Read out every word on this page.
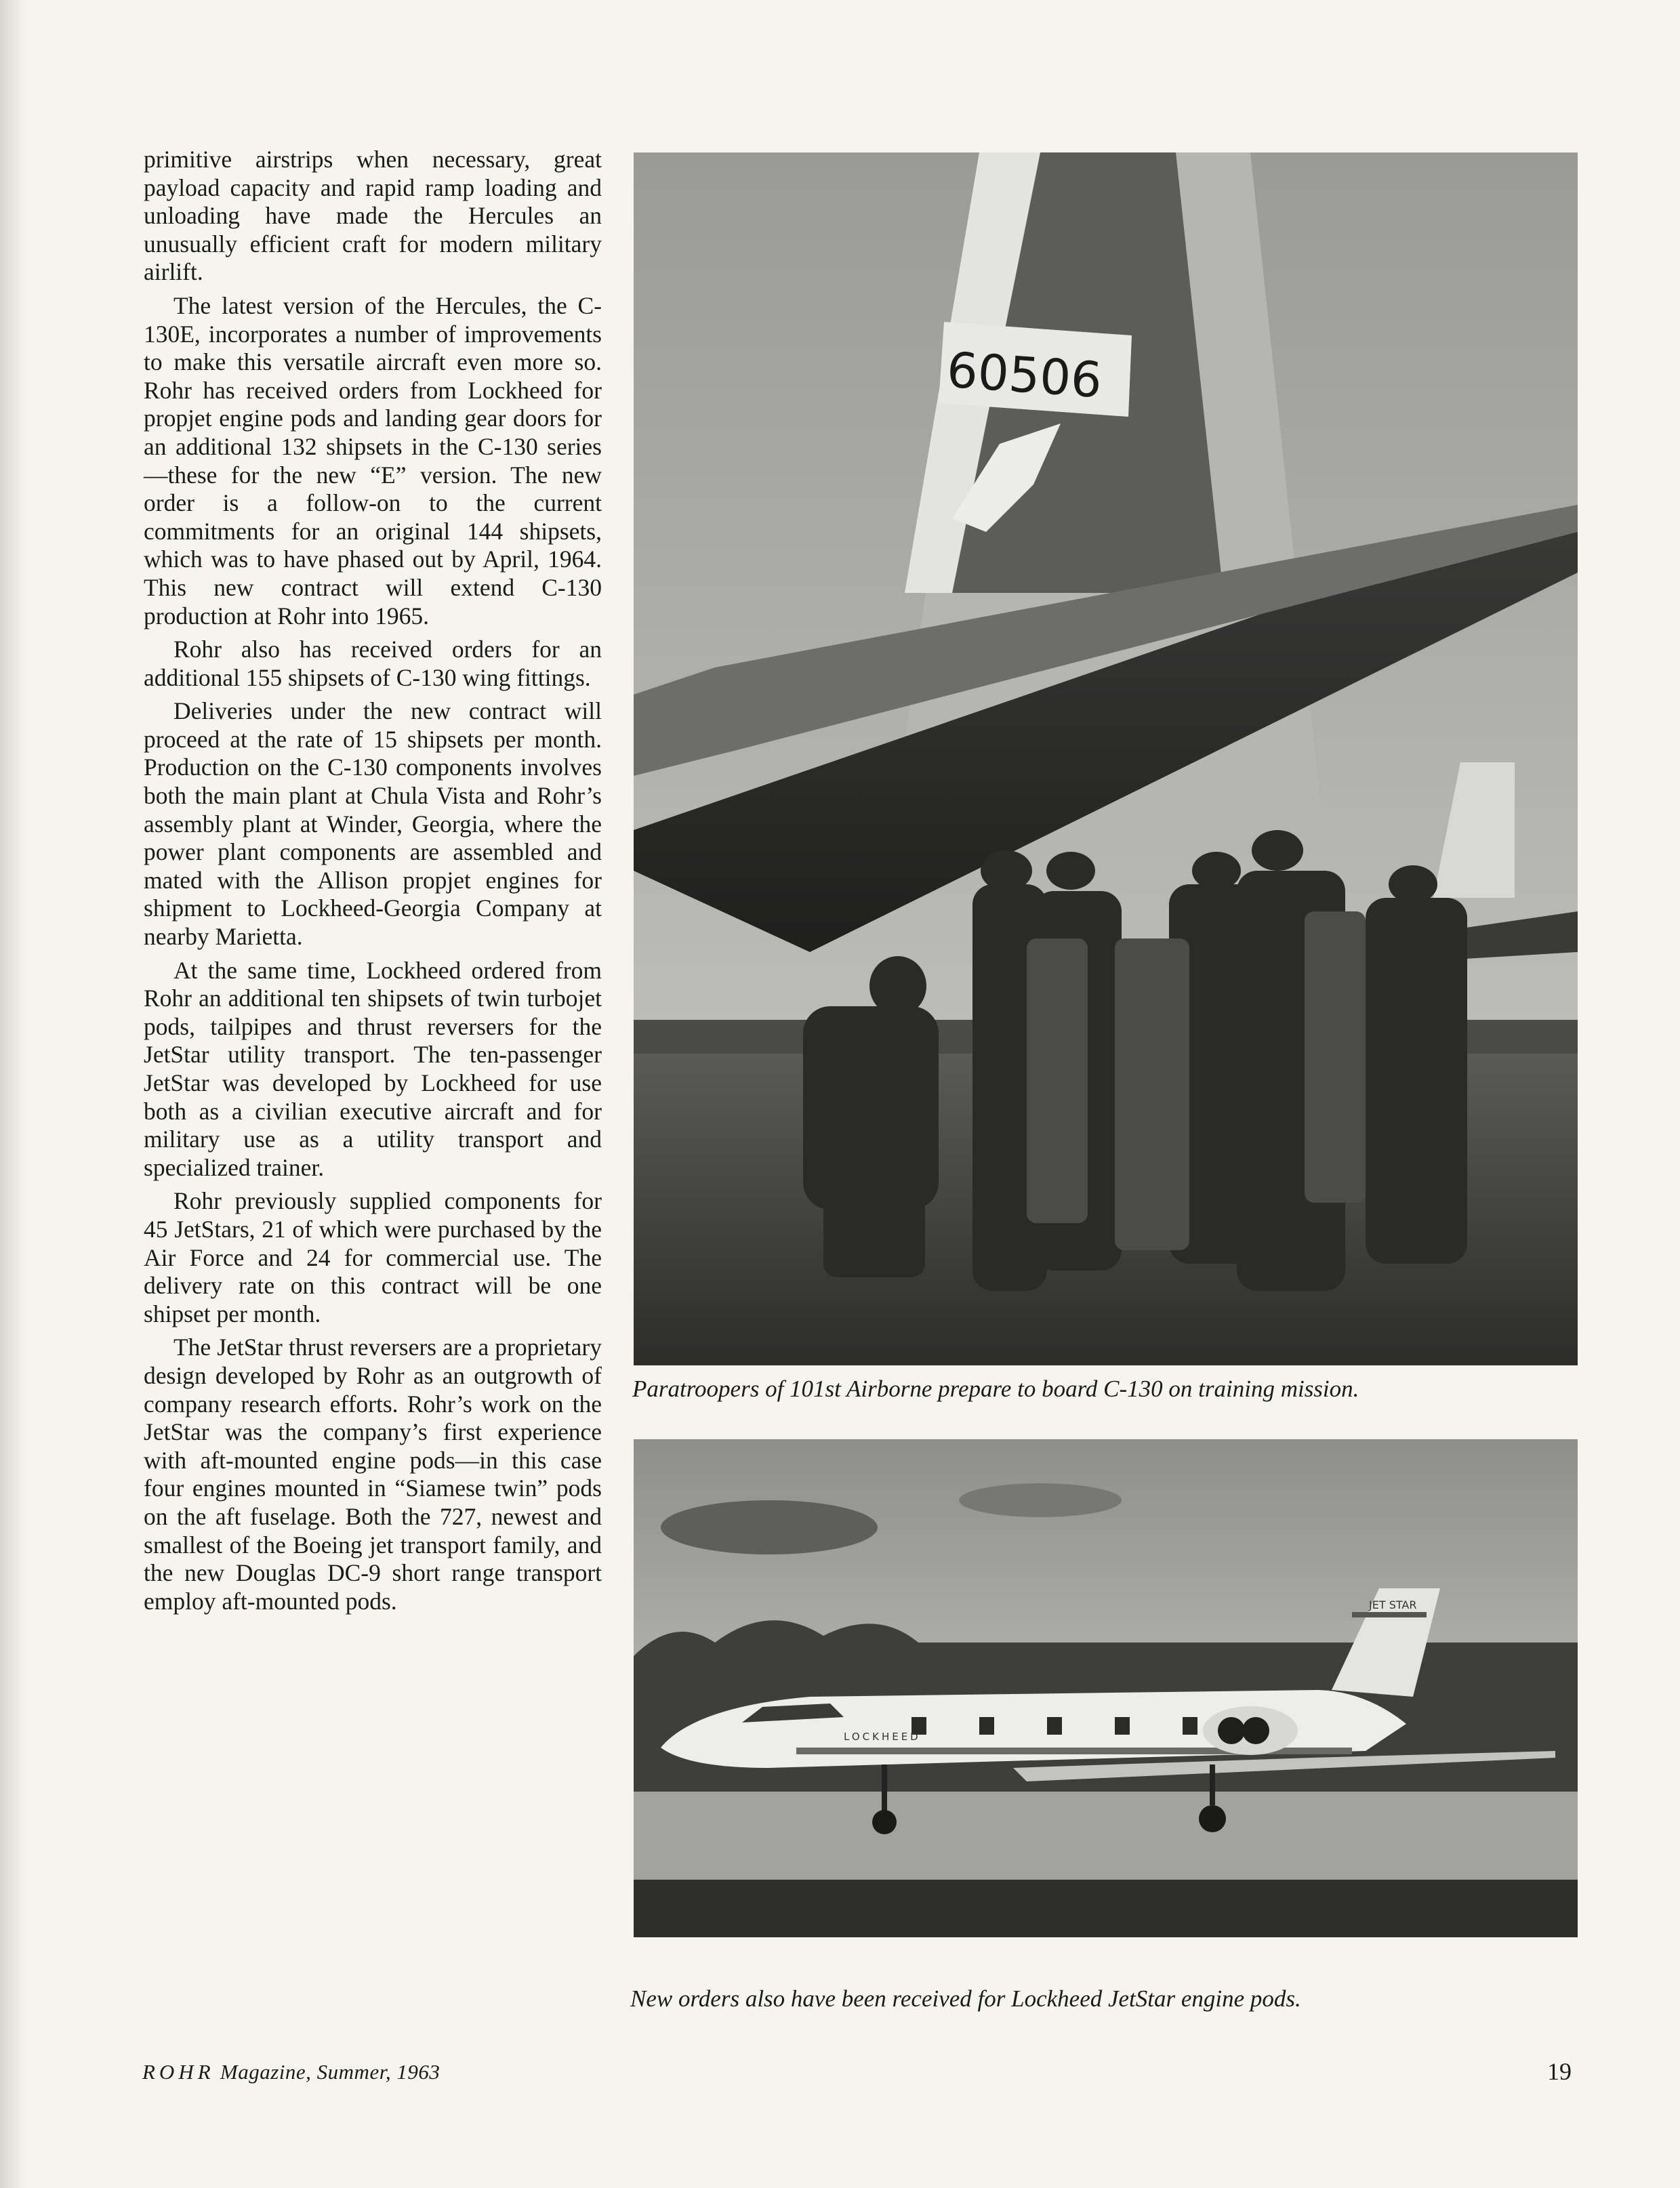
primitive airstrips when necessary, great payload capacity and rapid ramp loading and unloading have made the Hercules an unusually efficient craft for modern military airlift.

The latest version of the Hercules, the C-130E, incorporates a number of improvements to make this versatile aircraft even more so. Rohr has received orders from Lockheed for propjet engine pods and landing gear doors for an additional 132 shipsets in the C-130 series—these for the new “E” version. The new order is a follow-on to the current commitments for an original 144 shipsets, which was to have phased out by April, 1964. This new contract will extend C-130 production at Rohr into 1965.

Rohr also has received orders for an additional 155 shipsets of C-130 wing fittings.

Deliveries under the new contract will proceed at the rate of 15 shipsets per month. Production on the C-130 components involves both the main plant at Chula Vista and Rohr’s assembly plant at Winder, Georgia, where the power plant components are assembled and mated with the Allison propjet engines for shipment to Lockheed-Georgia Company at nearby Marietta.

At the same time, Lockheed ordered from Rohr an additional ten shipsets of twin turbojet pods, tailpipes and thrust reversers for the JetStar utility transport. The ten-passenger JetStar was developed by Lockheed for use both as a civilian executive aircraft and for military use as a utility transport and specialized trainer.

Rohr previously supplied components for 45 JetStars, 21 of which were purchased by the Air Force and 24 for commercial use. The delivery rate on this contract will be one shipset per month.

The JetStar thrust reversers are a proprietary design developed by Rohr as an outgrowth of company research efforts. Rohr’s work on the JetStar was the company’s first experience with aft-mounted engine pods—in this case four engines mounted in “Siamese twin” pods on the aft fuselage. Both the 727, newest and smallest of the Boeing jet transport family, and the new Douglas DC-9 short range transport employ aft-mounted pods.

60506
Paratroopers of 101st Airborne prepare to board C-130 on training mission.
JET STAR
LOCKHEED
New orders also have been received for Lockheed JetStar engine pods.
ROHR Magazine, Summer, 1963	19
